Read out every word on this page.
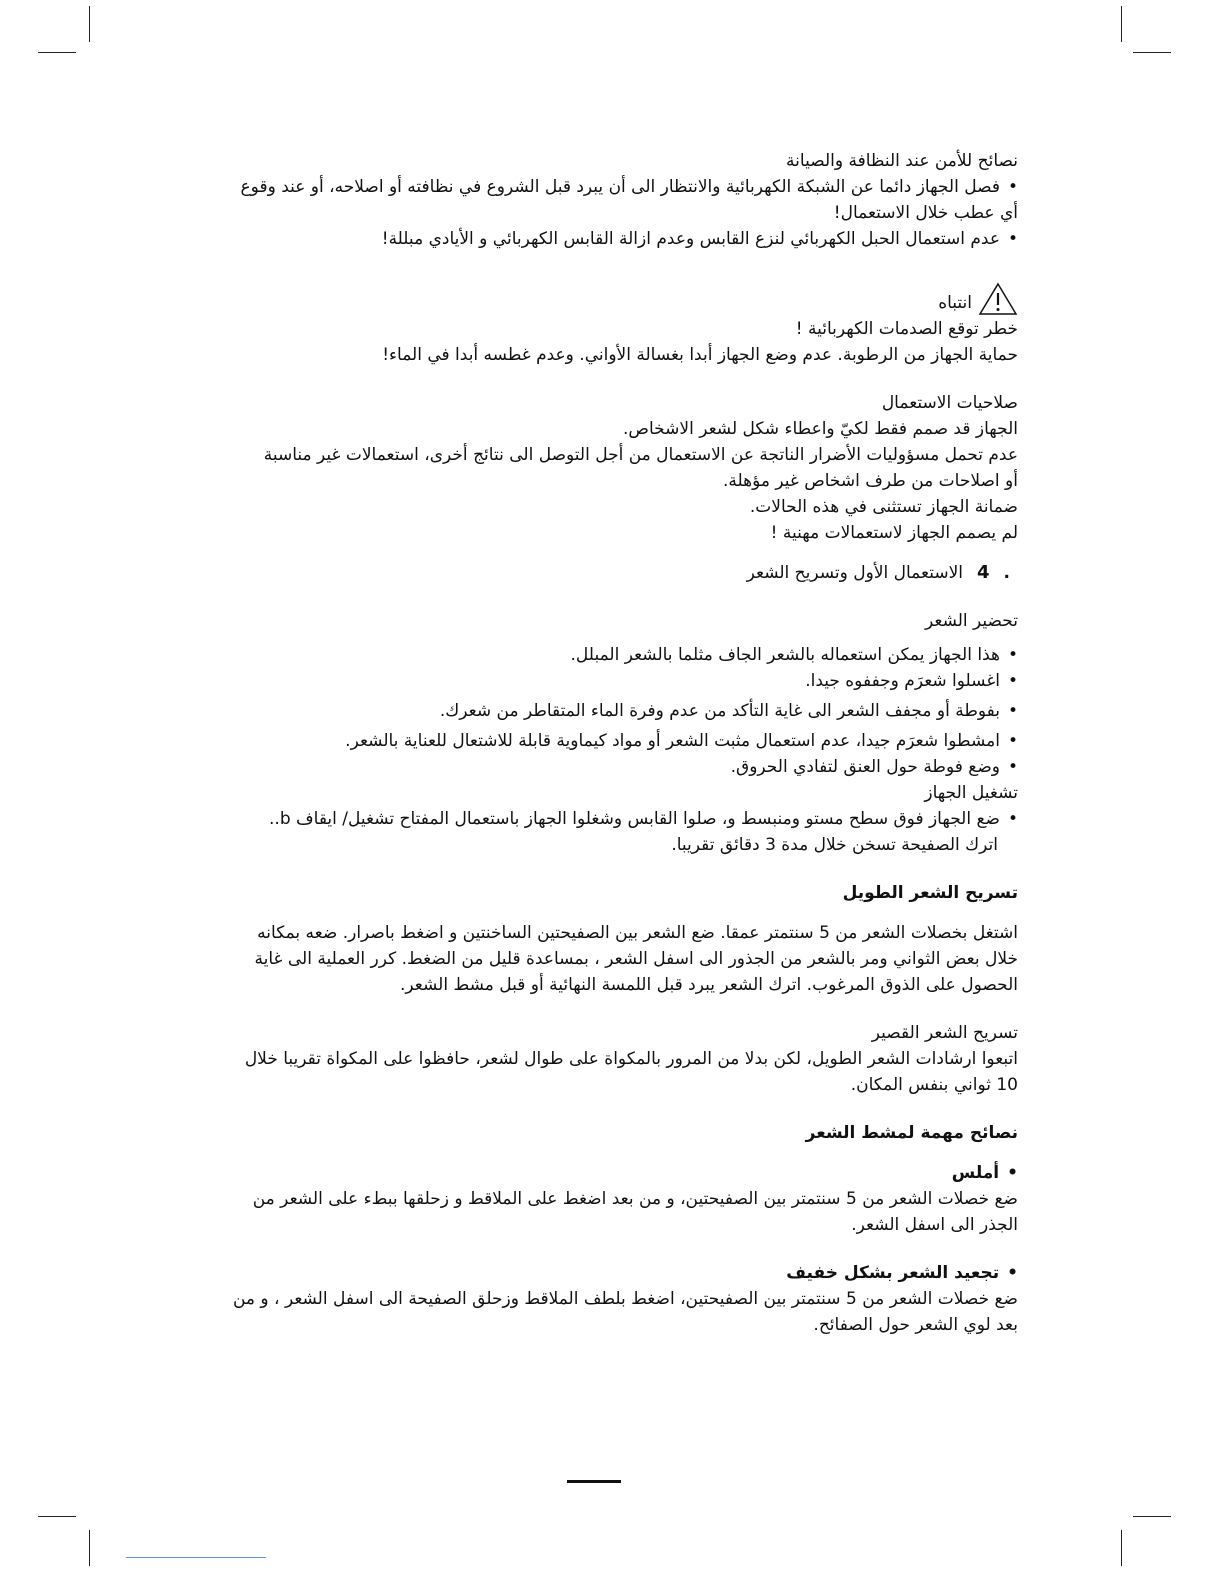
نصائح للأمن عند النظافة والصيانة

•فصل الجهاز دائما عن الشبكة الكهربائية والانتظار الى أن يبرد قبل الشروع في نظافته أو اصلاحه، أو عند وقوع

أي عطب خلال الاستعمال!

•عدم استعمال الحبل الكهربائي لنزع القابس وعدم ازالة القابس الكهربائي و الأيادي مبللة!

انتباه

خطر توقع الصدمات الكهربائية !

حماية الجهاز من الرطوبة. عدم وضع الجهاز أبدا بغسالة الأواني. وعدم غطسه أبدا في الماء!

صلاحيات الاستعمال

الجهاز قد صمم فقط لكيّ واعطاء شكل لشعر الاشخاص.

عدم تحمل مسؤوليات الأضرار الناتجة عن الاستعمال من أجل التوصل الى نتائج أخرى، استعمالات غير مناسبة

أو اصلاحات من طرف اشخاص غير مؤهلة.

ضمانة الجهاز تستثنى في هذه الحالات.

لم يصمم الجهاز لاستعمالات مهنية !

.
4
الاستعمال الأول وتسريح الشعر

تحضير الشعر

•هذا الجهاز يمكن استعماله بالشعر الجاف مثلما بالشعر المبلل.

•اغسلوا شعرَم وجففوه جيدا.

•بفوطة أو مجفف الشعر الى غاية التأكد من عدم وفرة الماء المتقاطر من شعرك.

•امشطوا شعرَم جيدا، عدم استعمال مثبت الشعر أو مواد كيماوية قابلة للاشتعال للعناية بالشعر.

•وضع فوطة حول العنق لتفادي الحروق.

تشغيل الجهاز

•ضع الجهاز فوق سطح مستو ومنبسط و، صلوا القابس وشغلوا الجهاز باستعمال المفتاح تشغيل/ ايقاف b..

اترك الصفيحة تسخن خلال مدة 3 دقائق تقريبا.

تسريح الشعر الطويل

اشتغل بخصلات الشعر من 5 سنتمتر عمقا. ضع الشعر بين الصفيحتين الساخنتين و اضغط باصرار. ضعه بمكانه

خلال بعض الثواني ومر بالشعر من الجذور الى اسفل الشعر ، بمساعدة قليل من الضغط. كرر العملية الى غاية

الحصول على الذوق المرغوب. اترك الشعر يبرد قبل اللمسة النهائية أو قبل مشط الشعر.

تسريح الشعر القصير

اتبعوا ارشادات الشعر الطويل، لكن بدلا من المرور بالمكواة على طوال لشعر، حافظوا على المكواة تقريبا خلال

10 ثواني بنفس المكان.

نصائح مهمة لمشط الشعر

•أملس

ضع خصلات الشعر من 5 سنتمتر بين الصفيحتين، و من بعد اضغط على الملاقط و زحلقها ببطء على الشعر من

الجذر الى اسفل الشعر.

•تجعيد الشعر بشكل خفيف

ضع خصلات الشعر من 5 سنتمتر بين الصفيحتين، اضغط بلطف الملاقط وزحلق الصفيحة الى اسفل الشعر ، و من

بعد لوي الشعر حول الصفائح.
